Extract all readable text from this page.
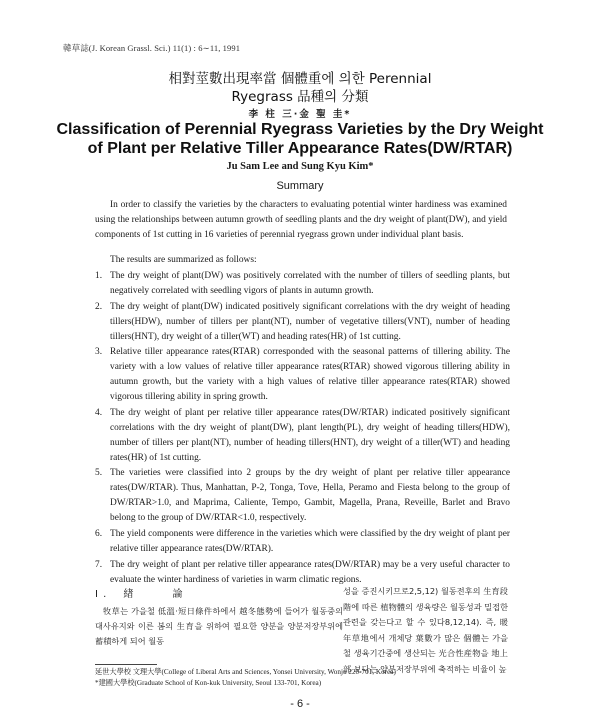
韓草誌(J. Korean Grassl. Sci.) 11(1) : 6∼11, 1991
相對莖數出現率當 個體重에 의한 Perennial
Ryegrass 品種의 分類
李 柱 三·金 聖 圭*
Classification of Perennial Ryegrass Varieties by the Dry Weight
of Plant per Relative Tiller Appearance Rates(DW/RTAR)
Ju Sam Lee and Sung Kyu Kim*
Summary
In order to classify the varieties by the characters to evaluating potential winter hardiness was examined using the relationships between autumn growth of seedling plants and the dry weight of plant(DW), and yield components of 1st cutting in 16 varieties of perennial ryegrass grown under individual plant basis.
The results are summarized as follows:
1. The dry weight of plant(DW) was positively correlated with the number of tillers of seedling plants, but negatively correlated with seedling vigors of plants in autumn growth.
2. The dry weight of plant(DW) indicated positively significant correlations with the dry weight of heading tillers(HDW), number of tillers per plant(NT), number of vegetative tillers(VNT), number of heading tillers(HNT), dry weight of a tiller(WT) and heading rates(HR) of 1st cutting.
3. Relative tiller appearance rates(RTAR) corresponded with the seasonal patterns of tillering ability. The variety with a low values of relative tiller appearance rates(RTAR) showed vigorous tillering ability in autumn growth, but the variety with a high values of relative tiller appearance rates(RTAR) showed vigorous tillering ability in spring growth.
4. The dry weight of plant per relative tiller appearance rates(DW/RTAR) indicated positively significant correlations with the dry weight of plant(DW), plant length(PL), dry weight of heading tillers(HDW), number of tillers per plant(NT), number of heading tillers(HNT), dry weight of a tiller(WT) and heading rates(HR) of 1st cutting.
5. The varieties were classified into 2 groups by the dry weight of plant per relative tiller appearance rates(DW/RTAR). Thus, Manhattan, P-2, Tonga, Tove, Hella, Peramo and Fiesta belong to the group of DW/RTAR>1.0, and Maprima, Caliente, Tempo, Gambit, Magella, Prana, Reveille, Barlet and Bravo belong to the group of DW/RTAR<1.0, respectively.
6. The yield components were difference in the varieties which were classified by the dry weight of plant per relative tiller appearance rates(DW/RTAR).
7. The dry weight of plant per relative tiller appearance rates(DW/RTAR) may be a very useful character to evaluate the winter hardiness of varieties in warm climatic regions.
I . 緖 論
牧草는 가을철 低溫·短日條件하에서 越冬態勢에 들어가 월동중의 대사유지와 이른 봄의 生育을 위하여 필요한 양분을 양분저장부위에 蓄積하게 되어 월동
성을 증진시키므로2,5,12) 월동전후의 生育段階에 따른 植物體의 생육량은 월동성과 밀접한 관련을 갖는다고 할 수 있다8,12,14). 즉, 暖年草地에서 개체당 葉數가 많은 個體는 가을철 생육기간중에 생산되는 光合性産物을 地上部 보다는 양분저장부위에 축적하는 비율이 높
延世大學校 文理大學(College of Liberal Arts and Sciences, Yonsei University, Wonju 220-701, Korea)
*建國大學校(Graduate School of Kon-kuk University, Seoul 133-701, Korea)
- 6 -
